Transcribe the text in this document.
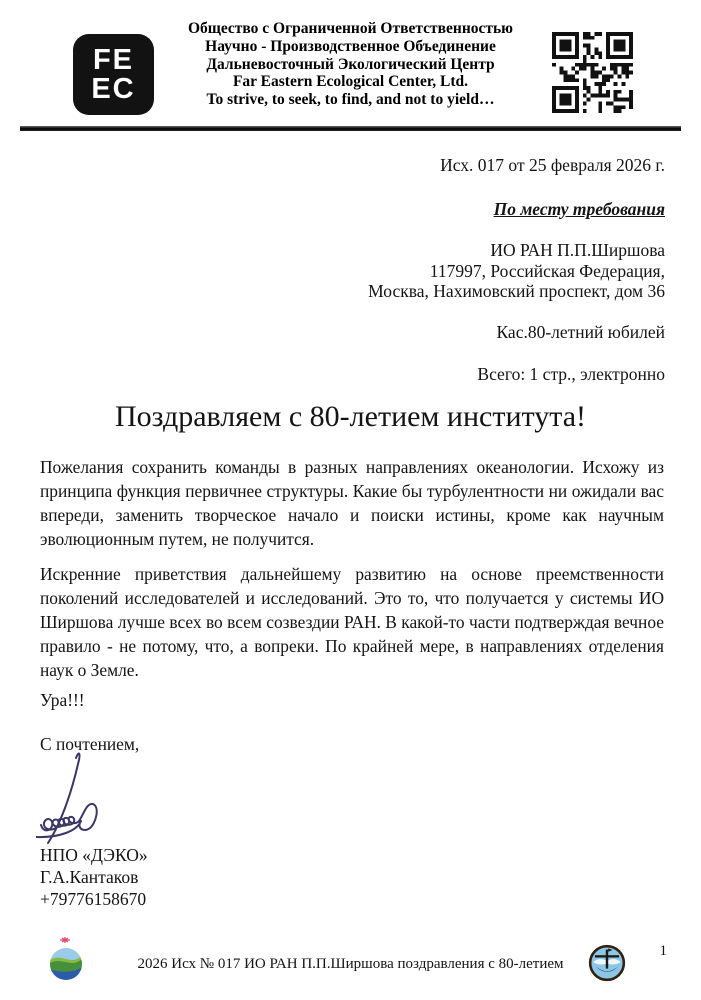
FE
EC
Общество с Ограниченной Ответственностью
Научно - Производственное Объединение
Дальневосточный Экологический Центр
Far Eastern Ecological Center, Ltd.
To strive, to seek, to find, and not to yield…
Исх. 017 от 25 февраля 2026 г.
По месту требования
ИО РАН П.П.Ширшова
117997, Российская Федерация,
Москва, Нахимовский проспект, дом 36
Кас.80-летний юбилей
Всего: 1 стр., электронно
Поздравляем с 80-летием института!

Пожелания сохранить команды в разных направлениях океанологии. Исхожу из принципа функция первичнее структуры. Какие бы турбулентности ни ожидали вас впереди, заменить творческое начало и поиски истины, кроме как научным эволюционным путем, не получится.

Искренние приветствия дальнейшему развитию на основе преемственности поколений исследователей и исследований. Это то, что получается у системы ИО Ширшова лучше всех во всем созвездии РАН. В какой-то части подтверждая вечное правило - не потому, что, а вопреки. По крайней мере, в направлениях отделения наук о Земле.

Ура!!!

С почтением,

НПО «ДЭКО»
Г.А.Кантаков
+79776158670
2026 Исх № 017 ИО РАН П.П.Ширшова поздравления с 80-летием
1
